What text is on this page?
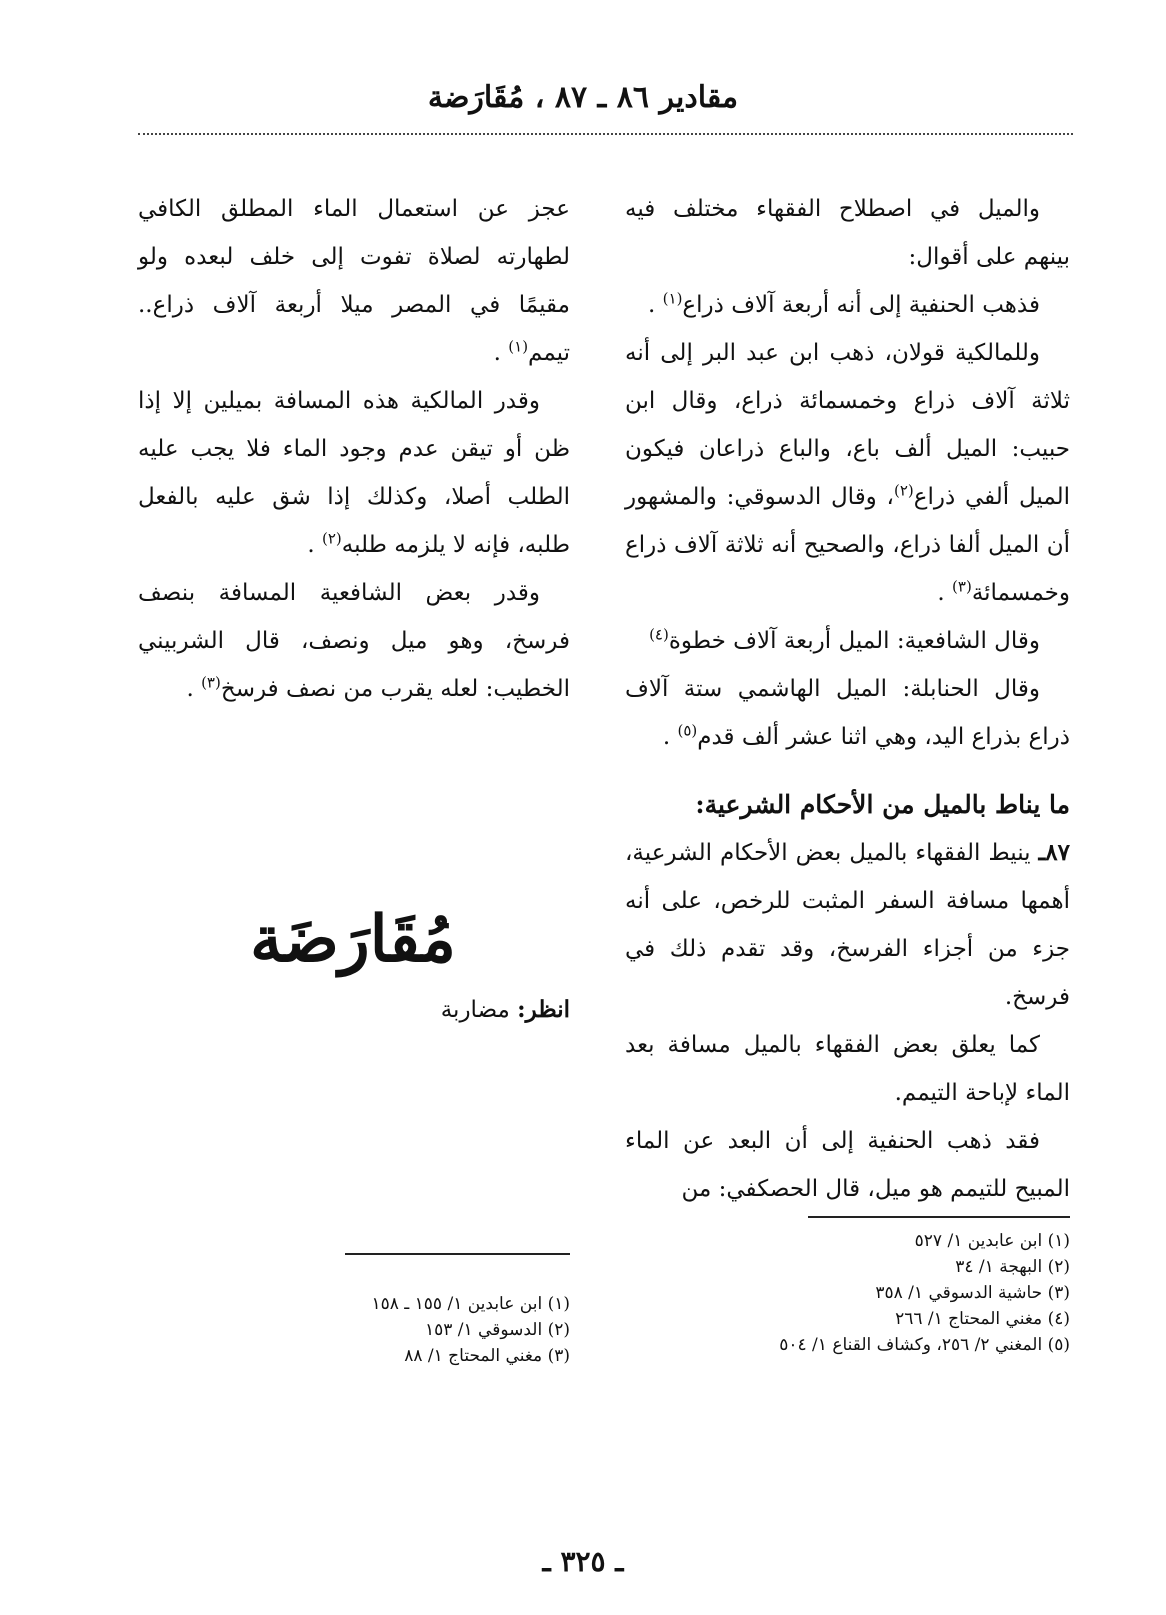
مقادير ٨٦ ـ ٨٧ ، مُقَارَضة

والميل في اصطلاح الفقهاء مختلف فيه بينهم على أقوال:

فذهب الحنفية إلى أنه أربعة آلاف ذراع$^{(١)}$ .

وللمالكية قولان، ذهب ابن عبد البر إلى أنه ثلاثة آلاف ذراع وخمسمائة ذراع، وقال ابن حبيب: الميل ألف باع، والباع ذراعان فيكون الميل ألفي ذراع$^{(٢)}$، وقال الدسوقي: والمشهور أن الميل ألفا ذراع، والصحيح أنه ثلاثة آلاف ذراع وخمسمائة$^{(٣)}$ .

وقال الشافعية: الميل أربعة آلاف خطوة$^{(٤)}$

وقال الحنابلة: الميل الهاشمي ستة آلاف ذراع بذراع اليد، وهي اثنا عشر ألف قدم$^{(٥)}$ .

ما يناط بالميل من الأحكام الشرعية:

٨٧ـ ينيط الفقهاء بالميل بعض الأحكام الشرعية، أهمها مسافة السفر المثبت للرخص، على أنه جزء من أجزاء الفرسخ، وقد تقدم ذلك في فرسخ.

كما يعلق بعض الفقهاء بالميل مسافة بعد الماء لإباحة التيمم.

فقد ذهب الحنفية إلى أن البعد عن الماء المبيح للتيمم هو ميل، قال الحصكفي: من

عجز عن استعمال الماء المطلق الكافي لطهارته لصلاة تفوت إلى خلف لبعده ولو مقيمًا في المصر ميلا أربعة آلاف ذراع.. تيمم$^{(١)}$ .

وقدر المالكية هذه المسافة بميلين إلا إذا ظن أو تيقن عدم وجود الماء فلا يجب عليه الطلب أصلا، وكذلك إذا شق عليه بالفعل طلبه، فإنه لا يلزمه طلبه$^{(٢)}$ .

وقدر بعض الشافعية المسافة بنصف فرسخ، وهو ميل ونصف، قال الشربيني الخطيب: لعله يقرب من نصف فرسخ$^{(٣)}$ .

مُقَارَضَة
انظر: مضاربة
(١) ابن عابدين ١/ ٥٢٧
(٢) البهجة ١/ ٣٤
(٣) حاشية الدسوقي ١/ ٣٥٨
(٤) مغني المحتاج ١/ ٢٦٦
(٥) المغني ٢/ ٢٥٦، وكشاف القناع ١/ ٥٠٤
(١) ابن عابدين ١/ ١٥٥ ـ ١٥٨
(٢) الدسوقي ١/ ١٥٣
(٣) مغني المحتاج ١/ ٨٨
ـ ٣٢٥ ـ
